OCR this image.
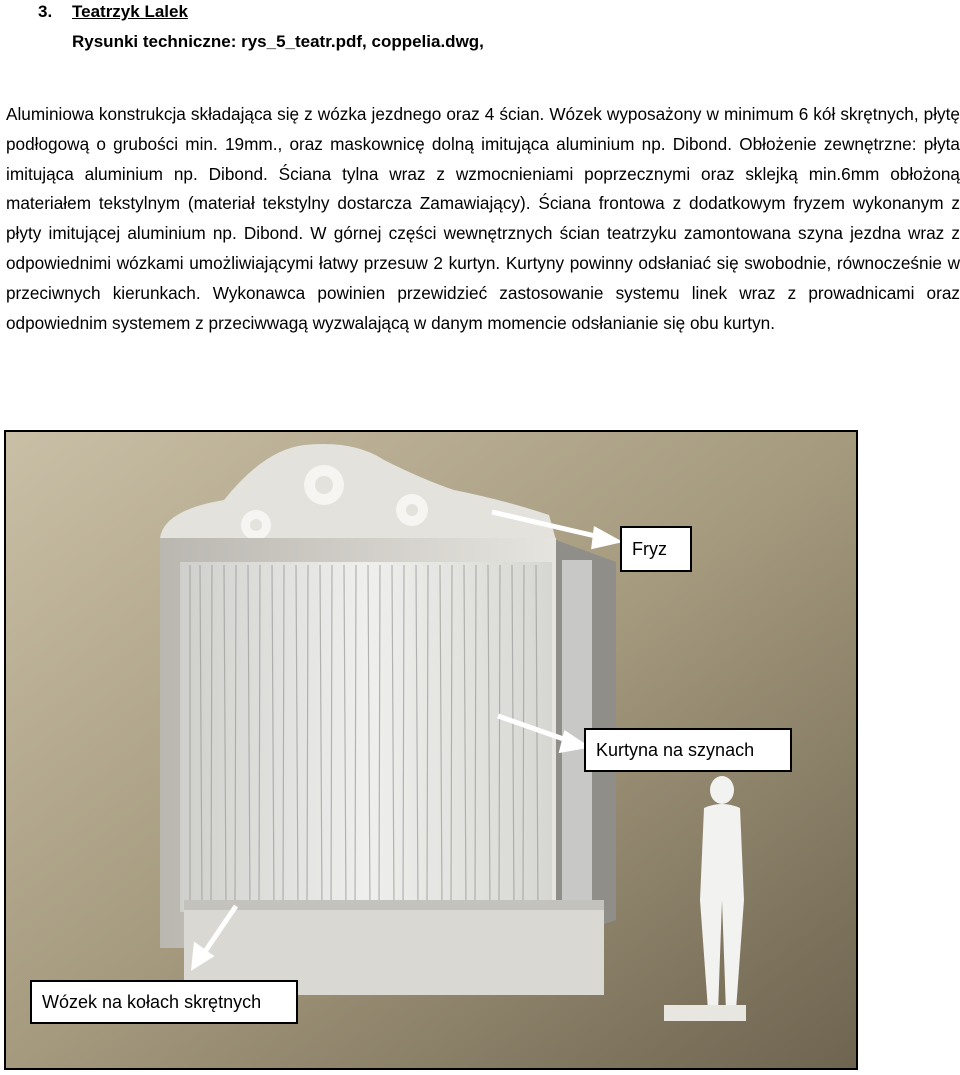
3. Teatrzyk Lalek
Rysunki techniczne: rys_5_teatr.pdf, coppelia.dwg,
Aluminiowa konstrukcja składająca się z wózka jezdnego oraz 4 ścian. Wózek wyposażony w minimum 6 kół skrętnych, płytę podłogową o grubości min. 19mm., oraz maskownicę dolną imitująca aluminium np. Dibond. Obłożenie zewnętrzne: płyta imitująca aluminium np. Dibond. Ściana tylna wraz z wzmocnieniami poprzecznymi oraz sklejką min.6mm obłożoną materiałem tekstylnym (materiał tekstylny dostarcza Zamawiający). Ściana frontowa z dodatkowym fryzem wykonanym z płyty imitującej aluminium np. Dibond. W górnej części wewnętrznych ścian teatrzyku zamontowana szyna jezdna wraz z odpowiednimi wózkami umożliwiającymi łatwy przesuw 2 kurtyn. Kurtyny powinny odsłaniać się swobodnie, równocześnie w przeciwnych kierunkach. Wykonawca powinien przewidzieć zastosowanie systemu linek wraz z prowadnicami oraz odpowiednim systemem z przeciwwagą wyzwalającą w danym momencie odsłanianie się obu kurtyn.
Fryz
Kurtyna na szynach
Wózek na kołach skrętnych
